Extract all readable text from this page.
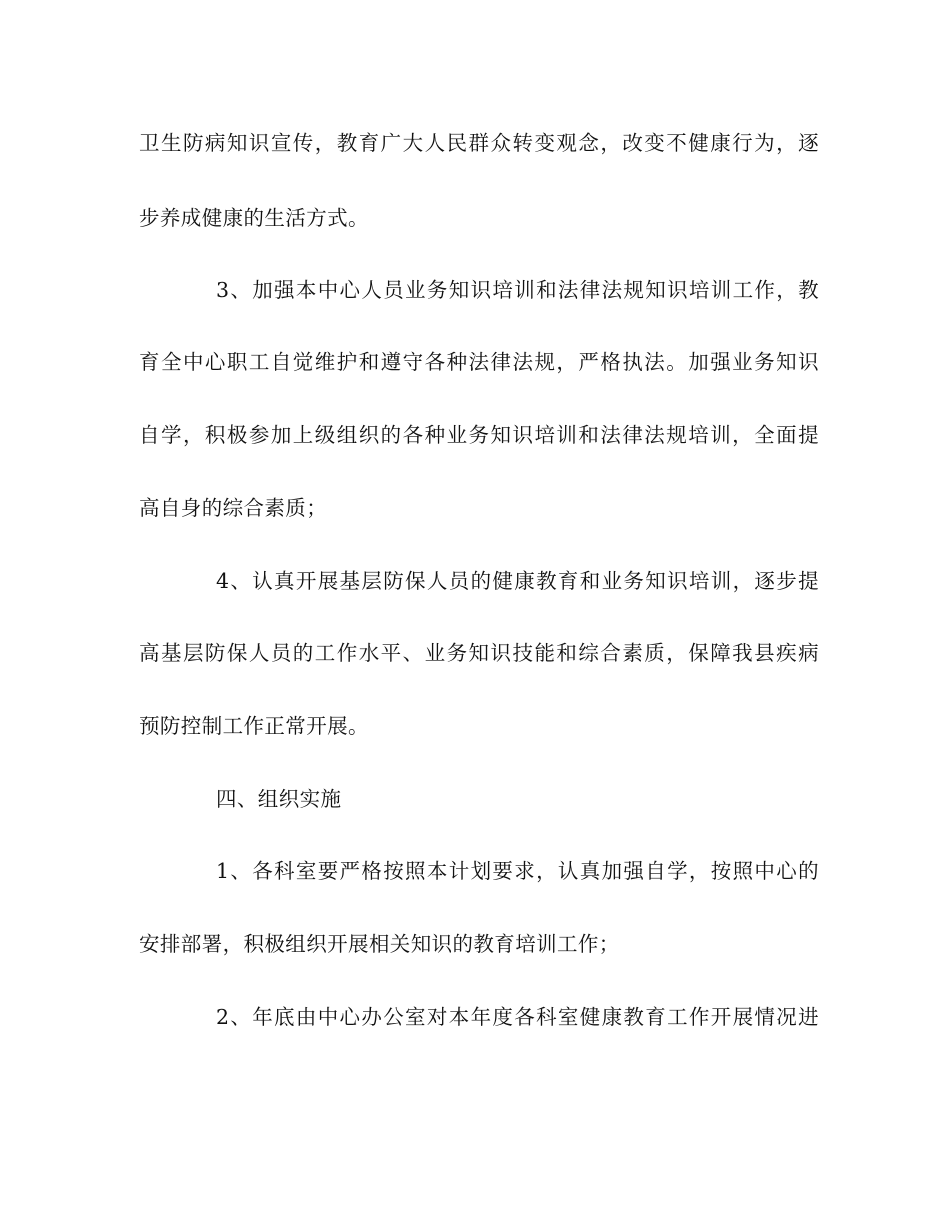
卫生防病知识宣传，教育广大人民群众转变观念，改变不健康行为，逐
步养成健康的生活方式。
3、加强本中心人员业务知识培训和法律法规知识培训工作，教
育全中心职工自觉维护和遵守各种法律法规，严格执法。加强业务知识
自学，积极参加上级组织的各种业务知识培训和法律法规培训，全面提
高自身的综合素质；
4、认真开展基层防保人员的健康教育和业务知识培训，逐步提
高基层防保人员的工作水平、业务知识技能和综合素质，保障我县疾病
预防控制工作正常开展。
四、组织实施
1、各科室要严格按照本计划要求，认真加强自学，按照中心的
安排部署，积极组织开展相关知识的教育培训工作；
2、年底由中心办公室对本年度各科室健康教育工作开展情况进
